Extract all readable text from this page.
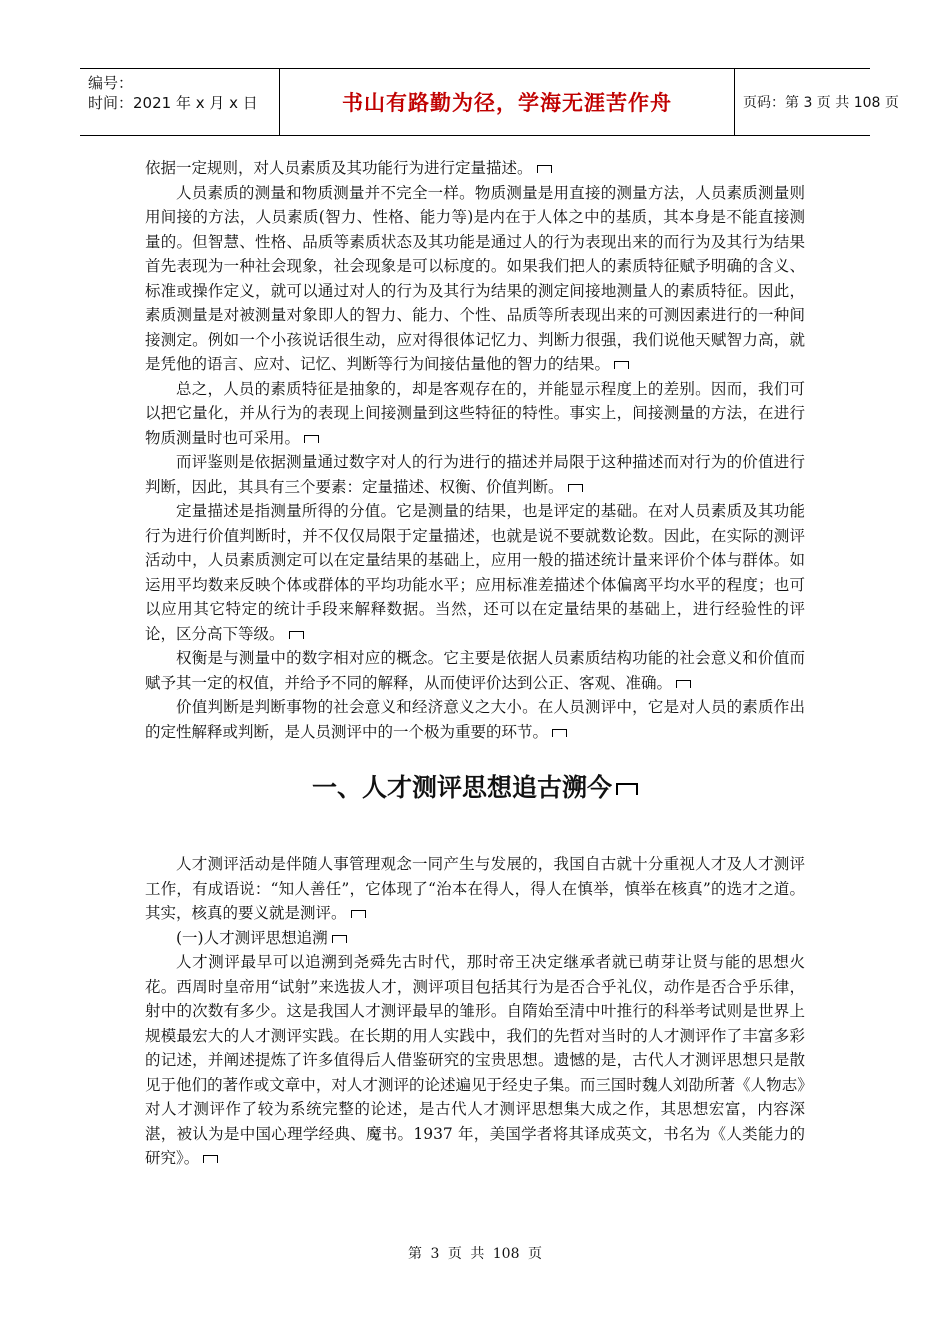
编号：
时间：2021 年 x 月 x 日	书山有路勤为径，学海无涯苦作舟	页码：第 3 页 共 108 页

依据一定规则，对人员素质及其功能行为进行定量描述。

人员素质的测量和物质测量并不完全一样。物质测量是用直接的测量方法，人员素质测量则用间接的方法，人员素质(智力、性格、能力等)是内在于人体之中的基质，其本身是不能直接测量的。但智慧、性格、品质等素质状态及其功能是通过人的行为表现出来的而行为及其行为结果首先表现为一种社会现象，社会现象是可以标度的。如果我们把人的素质特征赋予明确的含义、标准或操作定义，就可以通过对人的行为及其行为结果的测定间接地测量人的素质特征。因此，素质测量是对被测量对象即人的智力、能力、个性、品质等所表现出来的可测因素进行的一种间接测定。例如一个小孩说话很生动，应对得很体记忆力、判断力很强，我们说他天赋智力高，就是凭他的语言、应对、记忆、判断等行为间接估量他的智力的结果。

总之，人员的素质特征是抽象的，却是客观存在的，并能显示程度上的差别。因而，我们可以把它量化，并从行为的表现上间接测量到这些特征的特性。事实上，间接测量的方法，在进行物质测量时也可采用。

而评鉴则是依据测量通过数字对人的行为进行的描述并局限于这种描述而对行为的价值进行判断，因此，其具有三个要素：定量描述、权衡、价值判断。

定量描述是指测量所得的分值。它是测量的结果，也是评定的基础。在对人员素质及其功能行为进行价值判断时，并不仅仅局限于定量描述，也就是说不要就数论数。因此，在实际的测评活动中，人员素质测定可以在定量结果的基础上，应用一般的描述统计量来评价个体与群体。如运用平均数来反映个体或群体的平均功能水平；应用标准差描述个体偏离平均水平的程度；也可以应用其它特定的统计手段来解释数据。当然，还可以在定量结果的基础上，进行经验性的评论，区分高下等级。

权衡是与测量中的数字相对应的概念。它主要是依据人员素质结构功能的社会意义和价值而赋予其一定的权值，并给予不同的解释，从而使评价达到公正、客观、准确。

价值判断是判断事物的社会意义和经济意义之大小。在人员测评中，它是对人员的素质作出的定性解释或判断，是人员测评中的一个极为重要的环节。

一、人才测评思想追古溯今

人才测评活动是伴随人事管理观念一同产生与发展的，我国自古就十分重视人才及人才测评工作，有成语说：“知人善任”，它体现了“治本在得人，得人在慎举，慎举在核真”的选才之道。其实，核真的要义就是测评。

(一)人才测评思想追溯

人才测评最早可以追溯到尧舜先古时代，那时帝王决定继承者就已萌芽让贤与能的思想火花。西周时皇帝用“试射”来选拔人才，测评项目包括其行为是否合乎礼仪，动作是否合乎乐律，射中的次数有多少。这是我国人才测评最早的雏形。自隋始至清中叶推行的科举考试则是世界上规模最宏大的人才测评实践。在长期的用人实践中，我们的先哲对当时的人才测评作了丰富多彩的记述，并阐述提炼了许多值得后人借鉴研究的宝贵思想。遗憾的是，古代人才测评思想只是散见于他们的著作或文章中，对人才测评的论述遍见于经史子集。而三国时魏人刘劭所著《人物志》对人才测评作了较为系统完整的论述，是古代人才测评思想集大成之作，其思想宏富，内容深湛，被认为是中国心理学经典、魔书。1937 年，美国学者将其译成英文，书名为《人类能力的研究》。

第 3 页 共 108 页
